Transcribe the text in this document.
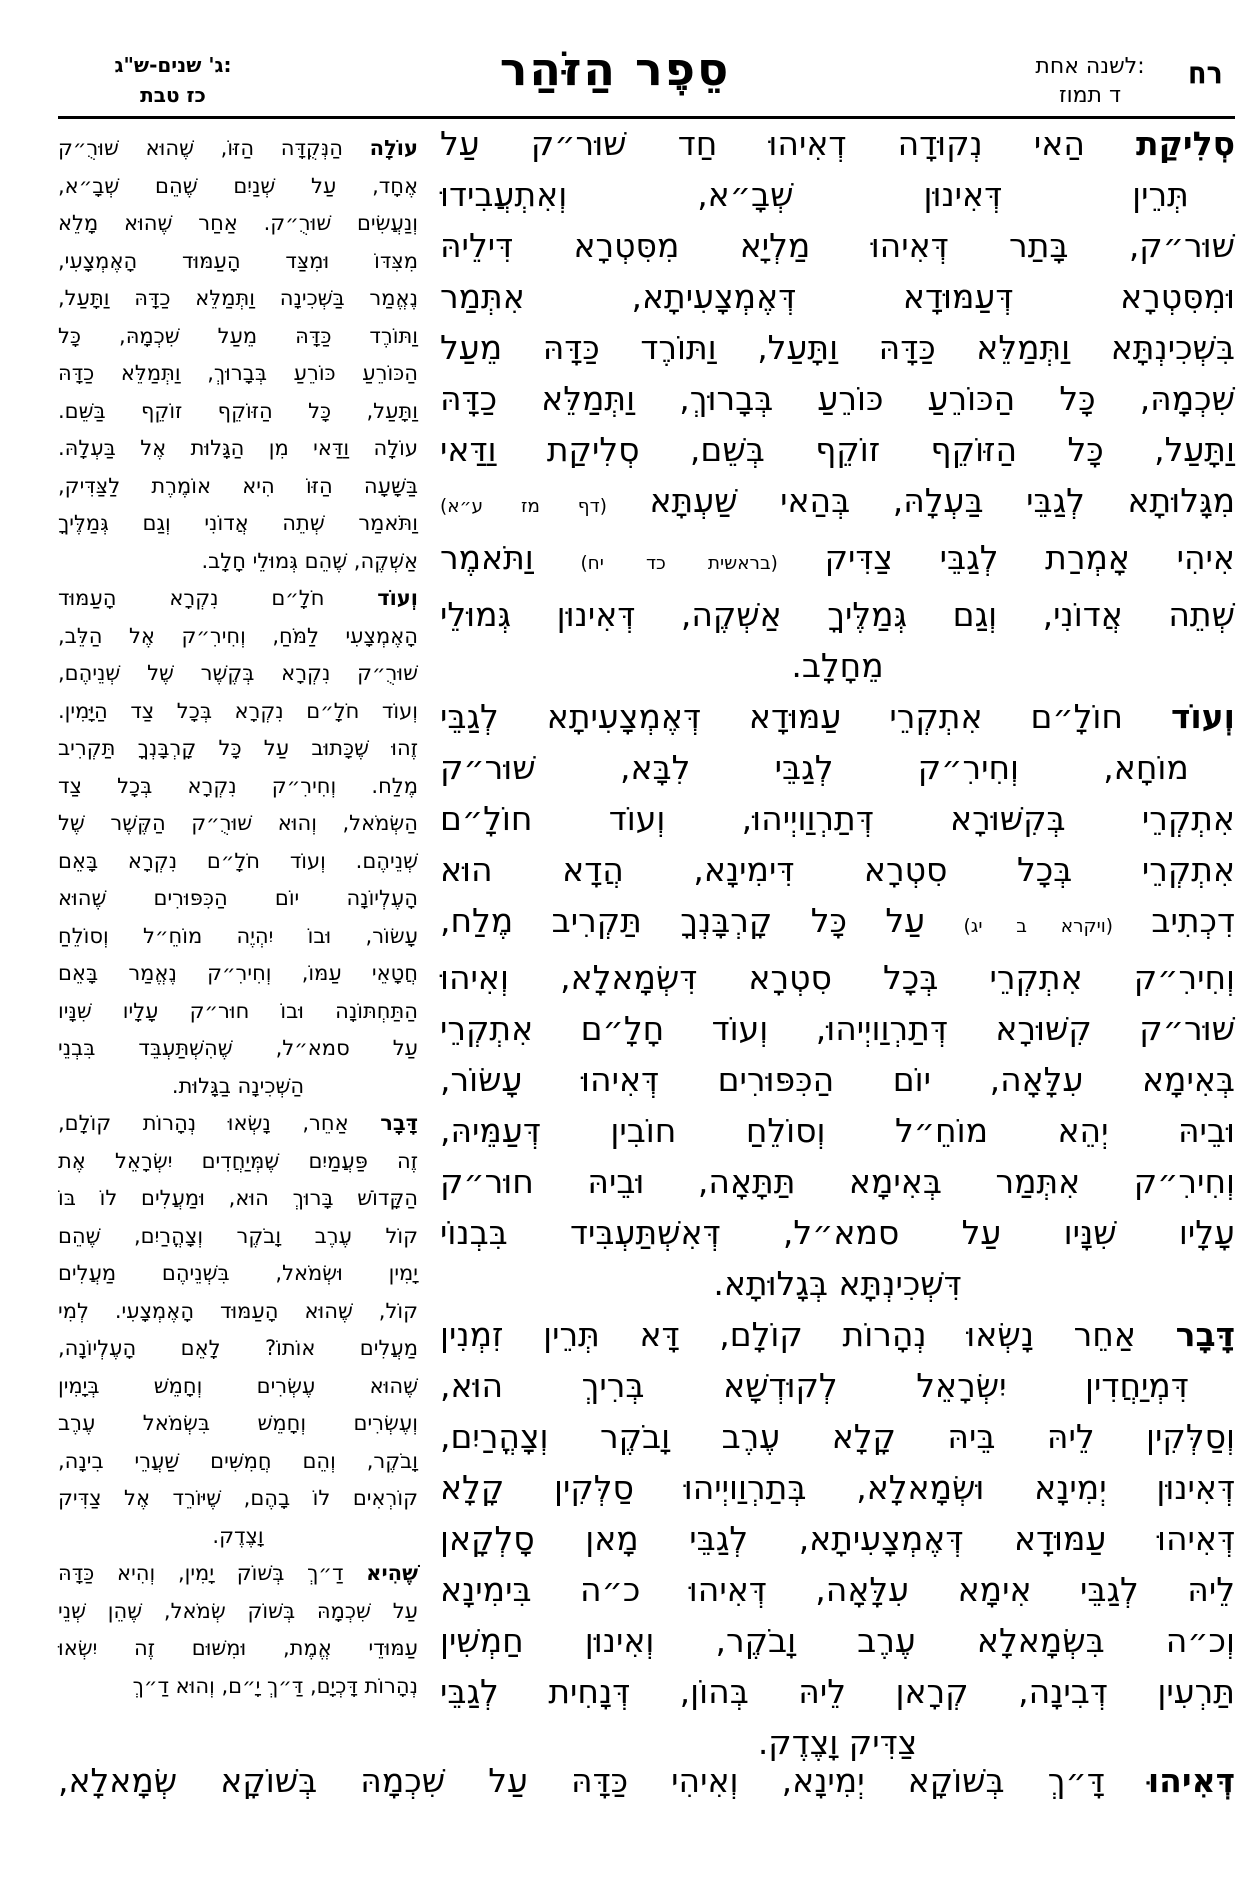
ג' שנים-ש"ג:
כז טבת	סֵפֶר הַזֹּהַר	לשנה אחת:
ד תמוז
רח
עוֹלָה הַנְּקֻדָּה הַזּוֹ, שֶׁהוּא שׁוּרֻ״ק
אֶחָד, עַל שְׁנַיִם שֶׁהֵם שְׁבָ״א,
וְנַעֲשִׂים שׁוּרֻ״ק. אַחַר שֶׁהוּא מָלֵא
מִצִּדּוֹ וּמִצַּד הָעַמּוּד הָאֶמְצָעִי,
נֶאֱמַר בַּשְּׁכִינָה וַתְּמַלֵּא כַדָּהּ וַתָּעַל,
וַתּוֹרֶד כַּדָּהּ מֵעַל שִׁכְמָהּ, כָּל
הַכּוֹרֵעַ כּוֹרֵעַ בְּבָרוּךְ, וַתְּמַלֵּא כַדָּהּ
וַתָּעַל, כָּל הַזּוֹקֵף זוֹקֵף בַּשֵּׁם.
עוֹלָה וַדַּאי מִן הַגָּלוּת אֶל בַּעְלָהּ.
בַּשָּׁעָה הַזּוֹ הִיא אוֹמֶרֶת לַצַּדִּיק,
וַתֹּאמַר שְׁתֵה אֲדוֹנִי וְגַם גְּמַלֶּיךָ
אַשְׁקֶה, שֶׁהֵם גְּמוּלֵי חָלָב.
וְעוֹד חֹלָ״ם נִקְרָא הָעַמּוּד
הָאֶמְצָעִי לַמֹּחַ, וְחִירִ״ק אֶל הַלֵּב,
שׁוּרֻ״ק נִקְרָא בְּקֶשֶׁר שֶׁל שְׁנֵיהֶם,
וְעוֹד חֹלָ״ם נִקְרָא בְּכָל צַד הַיָּמִין.
זֶהוּ שֶׁכָּתוּב עַל כָּל קָרְבָּנְךָ תַּקְרִיב
מֶלַח. וְחִירִ״ק נִקְרָא בְּכָל צַד
הַשְּׂמֹאל, וְהוּא שׁוּרֻ״ק הַקֶּשֶׁר שֶׁל
שְׁנֵיהֶם. וְעוֹד חֹלָ״ם נִקְרָא בָּאֵם
הָעֶלְיוֹנָה יוֹם הַכִּפּוּרִים שֶׁהוּא
עָשׂוֹר, וּבוֹ יִהְיֶה מוֹחֵ״ל וְסוֹלֵחַ
חֲטָאֵי עַמּוֹ, וְחִירִ״ק נֶאֱמַר בָּאֵם
הַתַּחְתּוֹנָה וּבוֹ חוּר״ק עָלָיו שִׁנָּיו
עַל סמא״ל, שֶׁהִשְׁתַּעְבֵּד בִּבְנֵי
הַשְּׁכִינָה בַגָּלוּת.
דָּבָר אַחֵר, נָשְׂאוּ נְהָרוֹת קוֹלָם,
זֶה פַּעֲמַיִם שֶׁמְּיַחֲדִים יִשְׂרָאֵל אֶת
הַקָּדוֹשׁ בָּרוּךְ הוּא, וּמַעֲלִים לוֹ בּוֹ
קוֹל עֶרֶב וָבֹקֶר וְצָהֳרַיִם, שֶׁהֵם
יָמִין וּשְׂמֹאל, בִּשְׁנֵיהֶם מַעֲלִים
קוֹל, שֶׁהוּא הָעַמּוּד הָאֶמְצָעִי. לְמִי
מַעֲלִים אוֹתוֹ? לָאֵם הָעֶלְיוֹנָה,
שֶׁהוּא עֶשְׂרִים וְחָמֵשׁ בְּיָמִין
וְעֶשְׂרִים וְחָמֵשׁ בִּשְׂמֹאל עֶרֶב
וָבֹקֶר, וְהֵם חֲמִשִּׁים שַׁעֲרֵי בִינָה,
קוֹרְאִים לוֹ בָהֶם, שֶׁיּוֹרֵד אֶל צַדִּיק
וָצֶדֶק.
שֶׁהִיא דַ״ךְ בְּשׁוֹק יָמִין, וְהִיא כַּדָּהּ
עַל שִׁכְמָהּ בְּשׁוֹק שְׂמֹאל, שֶׁהֵן שְׁנֵי
עַמּוּדֵי אֱמֶת, וּמִשּׁוּם זֶה יִשְׂאוּ
נְהָרוֹת דָּכְיָם, דַּ״ךְ יָ״ם, וְהוּא דַ״ךְ
סְלִיקַת הַאי נְקוּדָה דְאִיהוּ חַד שׁוּר״ק עַל
תְּרֵין דְּאִינוּן שְׁבָ״א, וְאִתְעֲבִידוּ
שׁוּר״ק, בָּתַר דְּאִיהוּ מַלְיָא מִסִּטְרָא דִּילֵיהּ
וּמִסִּטְרָא דְּעַמּוּדָא דְּאֶמְצָעִיתָא, אִתְּמַר
בִּשְׁכִינְתָּא וַתְּמַלֵּא כַּדָּהּ וַתָּעַל, וַתּוֹרֶד כַּדָּהּ מֵעַל
שִׁכְמָהּ, כָּל הַכּוֹרֵעַ כּוֹרֵעַ בְּבָרוּךְ, וַתְּמַלֵּא כַדָּהּ
וַתָּעַל, כָּל הַזּוֹקֵף זוֹקֵף בְּשֵׁם, סְלִיקַת וַדַּאי
מִגָּלוּתָא לְגַבֵּי בַּעְלָהּ, בְּהַאי שַׁעְתָּא (דף מז ע״א)
אִיהִי אָמְרַת לְגַבֵּי צַדִּיק (בראשית כד יח) וַתֹּאמֶר
שְׁתֵה אֲדוֹנִי, וְגַם גְּמַלֶּיךָ אַשְׁקֶה, דְּאִינוּן גְּמוּלֵי
מֵחָלָב.
וְעוֹד חוֹלָ״ם אִתְקְרֵי עַמּוּדָא דְּאֶמְצָעִיתָא לְגַבֵּי
מוֹחָא, וְחִירִ״ק לְגַבֵּי לִבָּא, שׁוּר״ק
אִתְקְרֵי בְּקִשּׁוּרָא דְּתַרְוַויְיהוּ, וְעוֹד חוֹלָ״ם
אִתְקְרֵי בְּכָל סִטְרָא דִּימִינָא, הֲדָא הוּא
דִכְתִיב (ויקרא ב יג) עַל כָּל קָרְבָּנְךָ תַּקְרִיב מֶלַח,
וְחִירִ״ק אִתְקְרֵי בְּכָל סִטְרָא דִּשְׂמָאלָא, וְאִיהוּ
שׁוּר״ק קִשּׁוּרָא דְּתַרְוַויְיהוּ, וְעוֹד חָלָ״ם אִתְקְרֵי
בְּאִימָא עִלָּאָה, יוֹם הַכִּפּוּרִים דְּאִיהוּ עָשׂוֹר,
וּבֵיהּ יְהֵא מוֹחֵ״ל וְסוֹלֵחַ חוֹבִין דְּעַמֵּיהּ,
וְחִירִ״ק אִתְּמַר בְּאִימָא תַּתָּאָה, וּבֵיהּ חוּר״ק
עָלָיו שִׁנָּיו עַל סמא״ל, דְּאִשְׁתַּעְבִּיד בִּבְנוֹי
דִּשְׁכִינְתָּא בְּגָלוּתָא.
דָּבָר אַחֵר נָשְׂאוּ נְהָרוֹת קוֹלָם, דָּא תְּרֵין זִמְנִין
דִּמְיַחֲדִין יִשְׂרָאֵל לְקוּדְשָׁא בְּרִיךְ הוּא,
וְסַלְּקִין לֵיהּ בֵּיהּ קָלָא עֶרֶב וָבֹקֶר וְצָהֳרַיִם,
דְּאִינוּן יְמִינָא וּשְׂמָאלָא, בְּתַרְוַויְיהוּ סַלְּקִין קָלָא
דְּאִיהוּ עַמּוּדָא דְּאֶמְצָעִיתָא, לְגַבֵּי מָאן סָלְקָאן
לֵיהּ לְגַבֵּי אִימָא עִלָּאָה, דְּאִיהוּ כ״ה בִּימִינָא
וְכ״ה בִּשְׂמָאלָא עֶרֶב וָבֹקֶר, וְאִינוּן חַמְשִׁין
תַּרְעִין דְּבִינָה, קְרָאן לֵיהּ בְּהוֹן, דְּנָחִית לְגַבֵּי
צַדִּיק וָצֶדֶק.
דְּאִיהוּ דָּ״ךְ בְּשׁוֹקָא יְמִינָא, וְאִיהִי כַּדָּהּ עַל שִׁכְמָהּ בְּשׁוֹקָא שְׂמָאלָא,
